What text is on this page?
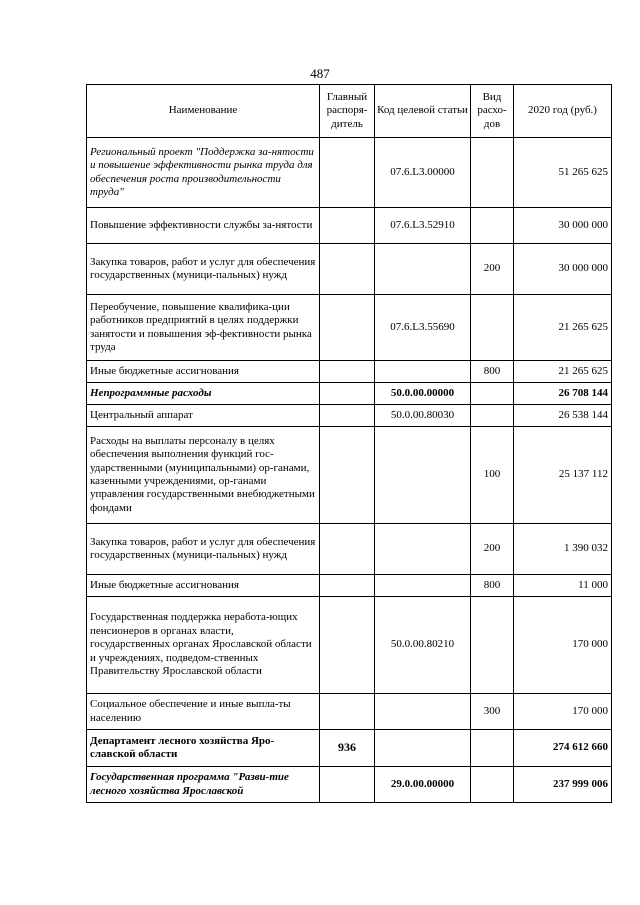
487
Наименование	Главный распоря-дитель	Код целевой статьи	Вид расхо-дов	2020 год (руб.)
Региональный проект "Поддержка за-нятости и повышение эффективности рынка труда для обеспечения роста производительности труда"		07.6.L3.00000		51 265 625
Повышение эффективности службы за-нятости		07.6.L3.52910		30 000 000
Закупка товаров, работ и услуг для обеспечения государственных (муници-пальных) нужд			200	30 000 000
Переобучение, повышение квалифика-ции работников предприятий в целях поддержки занятости и повышения эф-фективности рынка труда		07.6.L3.55690		21 265 625
Иные бюджетные ассигнования			800	21 265 625
Непрограммные расходы		50.0.00.00000		26 708 144
Центральный аппарат		50.0.00.80030		26 538 144
Расходы на выплаты персоналу в целях обеспечения выполнения функций гос-ударственными (муниципальными) ор-ганами, казенными учреждениями, ор-ганами управления государственными внебюджетными фондами			100	25 137 112
Закупка товаров, работ и услуг для обеспечения государственных (муници-пальных) нужд			200	1 390 032
Иные бюджетные ассигнования			800	11 000
Государственная поддержка неработа-ющих пенсионеров в органах власти, государственных органах Ярославской области и учреждениях, подведом-ственных Правительству Ярославской области		50.0.00.80210		170 000
Социальное обеспечение и иные выпла-ты населению			300	170 000
Департамент лесного хозяйства Яро-славской области	936			274 612 660
Государственная программа "Разви-тие лесного хозяйства Ярославской		29.0.00.00000		237 999 006
